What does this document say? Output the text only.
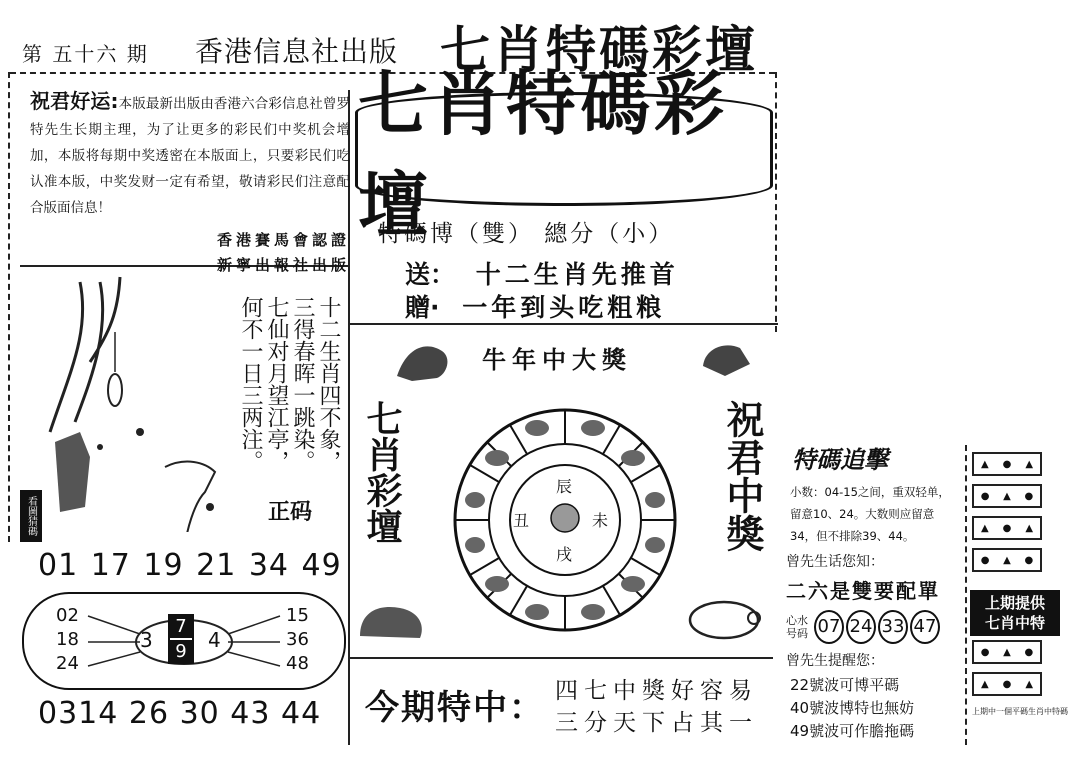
第 五十六 期 香港信息社出版 七肖特碼彩壇
祝君好运:本版最新出版由香港六合彩信息社曾罗特先生长期主理，为了让更多的彩民们中奖机会增加，本版将每期中奖透密在本版面上，只要彩民们吃认准本版，中奖发财一定有希望，敬请彩民们注意配合版面信息！
香港賽馬會認證
新寧出報社出版
七肖特碼彩壇
特碼博（雙） 總分（小）
送： 十二生肖先推首
贈· 一年到头吃粗粮
看圖猜碼
十二生肖四不象，
三得春晖一跳染。
七仙对月望江亭，
何不一日三两注。
正码
01 17 19 21 34 49
02
18
24
3
7
9 4
15
36
48
0314 26 30 43 44
牛年中大獎
七肖彩壇	祝君中獎
辰
丑	未
戌
今期特中： 四七中獎好容易
三分天下占其一
特碼追擊
小数：04-15之间，重双轻单，留意10、24。大数则应留意34，但不排除39、44。
曾先生话您知：
二六是雙要配單
心水号码 07 24 33 47
曾先生提醒您：
22號波可博平碼
40號波博特也無妨
49號波可作膽拖碼
▲ ● ▲
● ▲ ●
▲ ● ▲
● ▲ ●
上期提供
七肖中特
● ▲ ●
▲ ● ▲
上期中一個平碼生肖中特碼
